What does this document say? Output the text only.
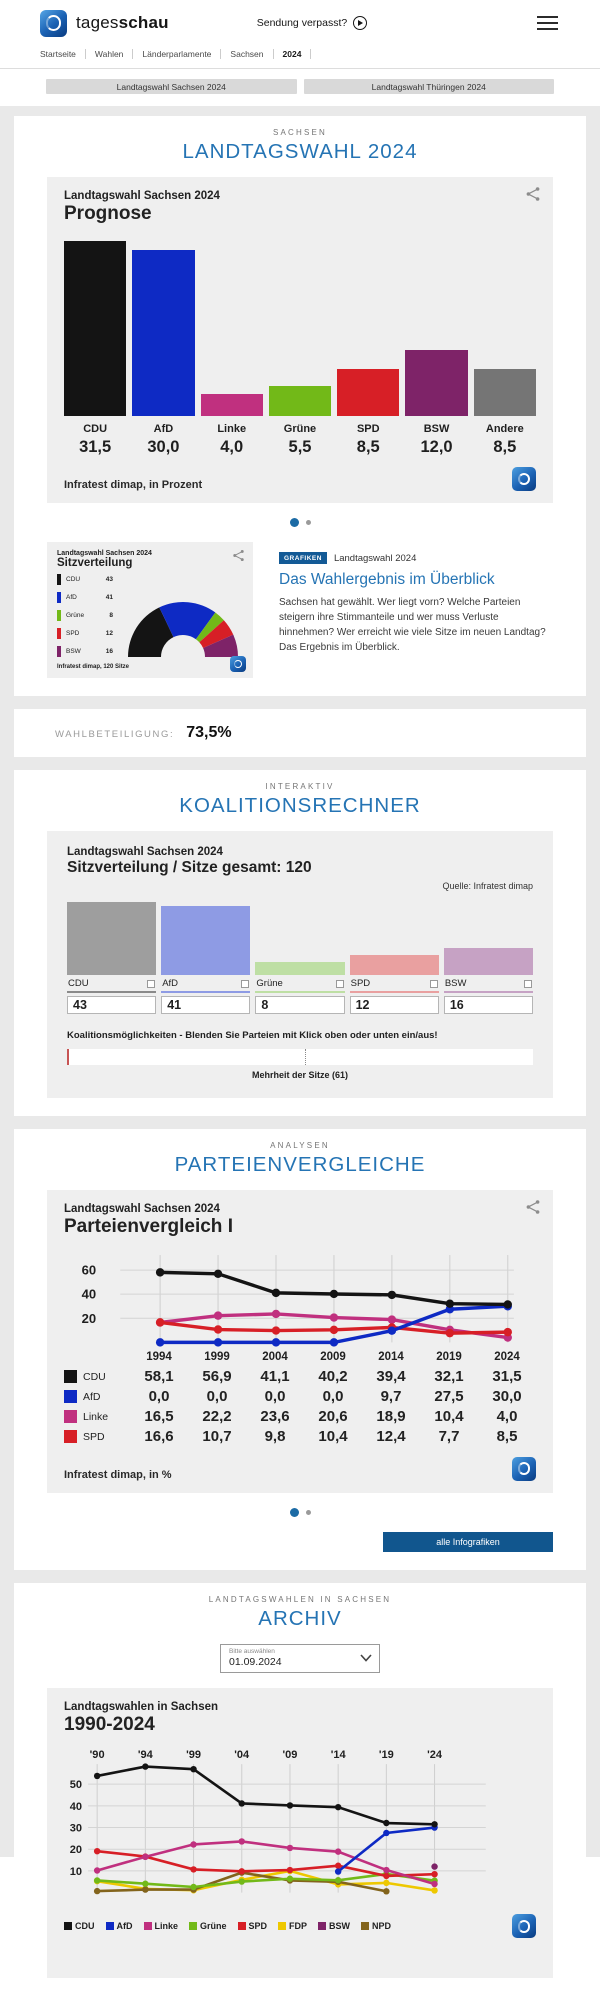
tagesschau	Sendung verpasst?
Startseite	Wahlen	Länderparlamente	Sachsen	2024
Landtagswahl Sachsen 2024	Landtagswahl Thüringen 2024
SACHSEN
LANDTAGSWAHL 2024
Landtagswahl Sachsen 2024
Prognose
CDU
31,5
AfD
30,0
Linke
4,0
Grüne
5,5
SPD
8,5
BSW
12,0
Andere
8,5
Infratest dimap, in Prozent
Landtagswahl Sachsen 2024
Sitzverteilung
CDU	43
AfD	41
Grüne	8
SPD	12
BSW	16
Infratest dimap, 120 Sitze
GRAFIKEN	Landtagswahl 2024
Das Wahlergebnis im Überblick

Sachsen hat gewählt. Wer liegt vorn? Welche Parteien steigern ihre Stimmanteile und wer muss Verluste hinnehmen? Wer erreicht wie viele Sitze im neuen Landtag? Das Ergebnis im Überblick.

WAHLBETEILIGUNG: 73,5%
INTERAKTIV
KOALITIONSRECHNER
Landtagswahl Sachsen 2024
Sitzverteilung / Sitze gesamt: 120
Quelle: Infratest dimap
CDU
43
AfD
41
Grüne
8
SPD
12
BSW
16
Koalitionsmöglichkeiten - Blenden Sie Parteien mit Klick oben oder unten ein/aus!
Mehrheit der Sitze (61)
ANALYSEN
PARTEIENVERGLEICHE
Landtagswahl Sachsen 2024
Parteienvergleich I
20
40
60
1994	1999	2004	2009	2014	2019	2024
CDU	58,1	56,9	41,1	40,2	39,4	32,1	31,5
AfD	0,0	0,0	0,0	0,0	9,7	27,5	30,0
Linke	16,5	22,2	23,6	20,6	18,9	10,4	4,0
SPD	16,6	10,7	9,8	10,4	12,4	7,7	8,5
Infratest dimap, in %
alle Infografiken
LANDTAGSWAHLEN IN SACHSEN
ARCHIV
Bitte auswählen
01.09.2024
Landtagswahlen in Sachsen
1990-2024
'90	'94	'99	'04	'09	'14	'19	'24
10
20
30
40
50
CDU AfD Linke Grüne SPD FDP BSW NPD
